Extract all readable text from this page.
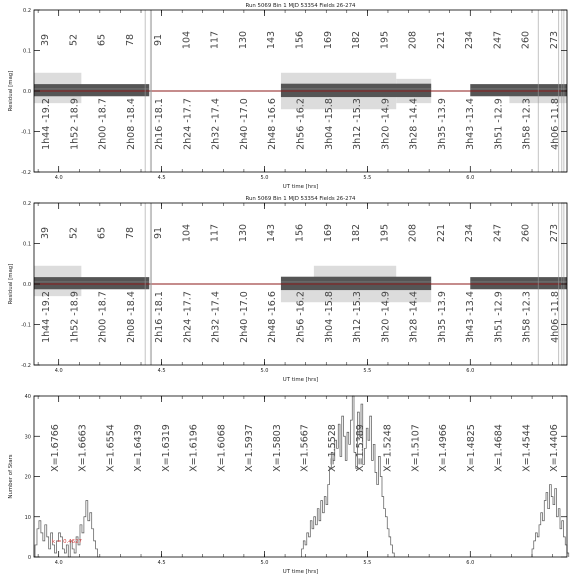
39
1h44 -19.2
52
1h52 -18.9
65
2h00 -18.7
78
2h08 -18.4
91
2h16 -18.1
104
2h24 -17.7
117
2h32 -17.4
130
2h40 -17.0
143
2h48 -16.6
156
2h56 -16.2
169
3h04 -15.8
182
3h12 -15.3
195
3h20 -14.9
208
3h28 -14.4
221
3h35 -13.9
234
3h43 -13.4
247
3h51 -12.9
260
3h58 -12.3
273
4h06 -11.8
Run 5069 Bin 1 MJD 53354 Fields 26-274
4.0	4.5	5.0	5.5	6.0
-0.2
-0.1
0.0
0.1
0.2
UT time [hrs]
Residual [mag]
39
1h44 -19.2
52
1h52 -18.9
65
2h00 -18.7
78
2h08 -18.4
91
2h16 -18.1
104
2h24 -17.7
117
2h32 -17.4
130
2h40 -17.0
143
2h48 -16.6
156
2h56 -16.2
169
3h04 -15.8
182
3h12 -15.3
195
3h20 -14.9
208
3h28 -14.4
221
3h35 -13.9
234
3h43 -13.4
247
3h51 -12.9
260
3h58 -12.3
273
4h06 -11.8
Run 5069 Bin 1 MJD 53354 Fields 26-274
4.0	4.5	5.0	5.5	6.0
-0.2
-0.1
0.0
0.1
0.2
UT time [hrs]
Residual [mag]
X=1.6766 X=1.6663 X=1.6554 X=1.6439 X=1.6319 X=1.6196 X=1.6068 X=1.5937 X=1.5803 X=1.5667 X=1.5528 X=1.5389 X=1.5248 X=1.5107 X=1.4966 X=1.4825 X=1.4684 X=1.4544 X=1.4406
k = 0.4627
4.0	4.5	5.0	5.5	6.0
0
10
20
30
40
UT time [hrs]
Number of Stars
